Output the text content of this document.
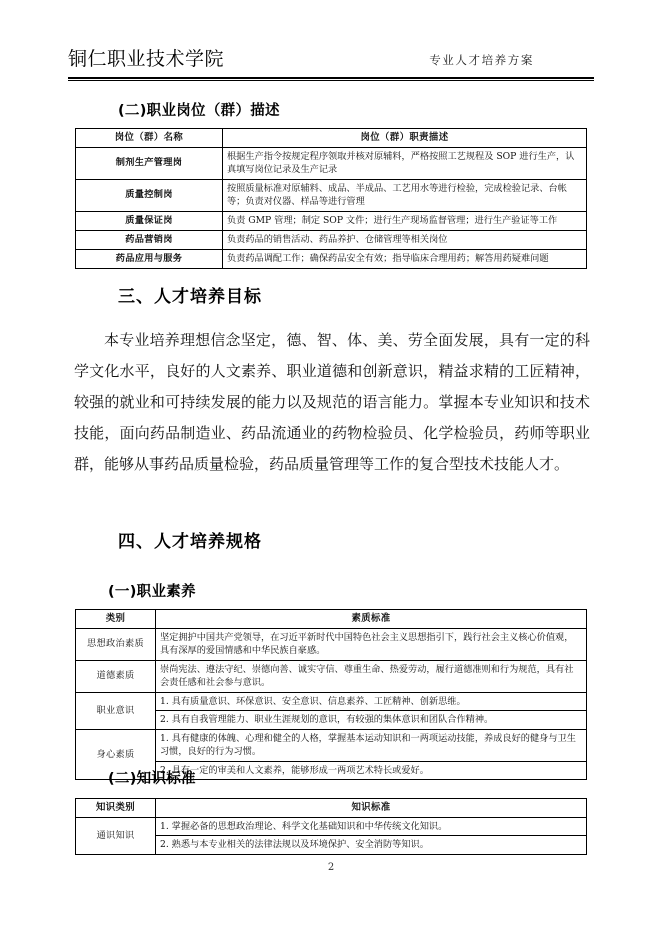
铜仁职业技术学院	专业人才培养方案
(二)职业岗位（群）描述
岗位（群）名称	岗位（群）职责描述
制剂生产管理岗	根据生产指令按规定程序领取并核对原辅料，严格按照工艺规程及 SOP 进行生产，认真填写岗位记录及生产记录
质量控制岗	按照质量标准对原辅料、成品、半成品、工艺用水等进行检验，完成检验记录、台帐等；负责对仪器、样品等进行管理
质量保证岗	负责 GMP 管理；制定 SOP 文件；进行生产现场监督管理；进行生产验证等工作
药品营销岗	负责药品的销售活动、药品养护、仓储管理等相关岗位
药品应用与服务	负责药品调配工作；确保药品安全有效；指导临床合理用药；解答用药疑难问题
三、人才培养目标
本专业培养理想信念坚定，德、智、体、美、劳全面发展，具有一定的科学文化水平，良好的人文素养、职业道德和创新意识，精益求精的工匠精神，较强的就业和可持续发展的能力以及规范的语言能力。掌握本专业知识和技术技能，面向药品制造业、药品流通业的药物检验员、化学检验员，药师等职业群，能够从事药品质量检验，药品质量管理等工作的复合型技术技能人才。
四、人才培养规格
(一)职业素养
类别	素质标准
思想政治素质	坚定拥护中国共产党领导，在习近平新时代中国特色社会主义思想指引下，践行社会主义核心价值观，具有深厚的爱国情感和中华民族自豪感。
道德素质	崇尚宪法、遵法守纪、崇德向善、诚实守信、尊重生命、热爱劳动，履行道德准则和行为规范，具有社会责任感和社会参与意识。
职业意识	1. 具有质量意识、环保意识、安全意识、信息素养、工匠精神、创新思维。
	2. 具有自我管理能力、职业生涯规划的意识，有较强的集体意识和团队合作精神。
身心素质	1. 具有健康的体魄、心理和健全的人格，掌握基本运动知识和一两项运动技能，养成良好的健身与卫生习惯，良好的行为习惯。
	2. 具有一定的审美和人文素养，能够形成一两项艺术特长或爱好。
(二)知识标准
知识类别	知识标准
通识知识	1. 掌握必备的思想政治理论、科学文化基础知识和中华传统文化知识。
	2. 熟悉与本专业相关的法律法规以及环境保护、安全消防等知识。
2
